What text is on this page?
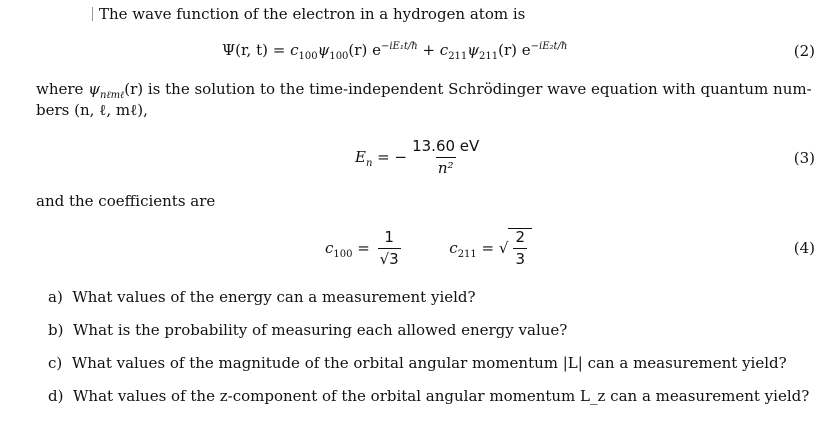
The wave function of the electron in a hydrogen atom is
Ψ(r, $t) = c_{100}\psi_{100}(r) e^{-iE_1t/ħ} + c_{211}\psi_{211}(r)$ $e^{-iE_2t/ħ}$	(2)
where $\psi_{n\ell m\ell}(r)$ is the solution to the time-independent Schrödinger wave equation with quantum num-
bers (n, ℓ, mℓ),
$E_n$ = − $\frac{13.60 eV}{\text{n²}}$	(3)
and the coefficients are
$c_{100} = \frac{1}{√3}$	$c_{211}$ = √ $\frac{2}{3}$	(4)
a) What values of the energy can a measurement yield?
b) What is the probability of measuring each allowed energy value?
c) What values of the magnitude of the orbital angular momentum |L| can a measurement yield?
d) What values of the z-component of the orbital angular momentum L_z can a measurement yield?
